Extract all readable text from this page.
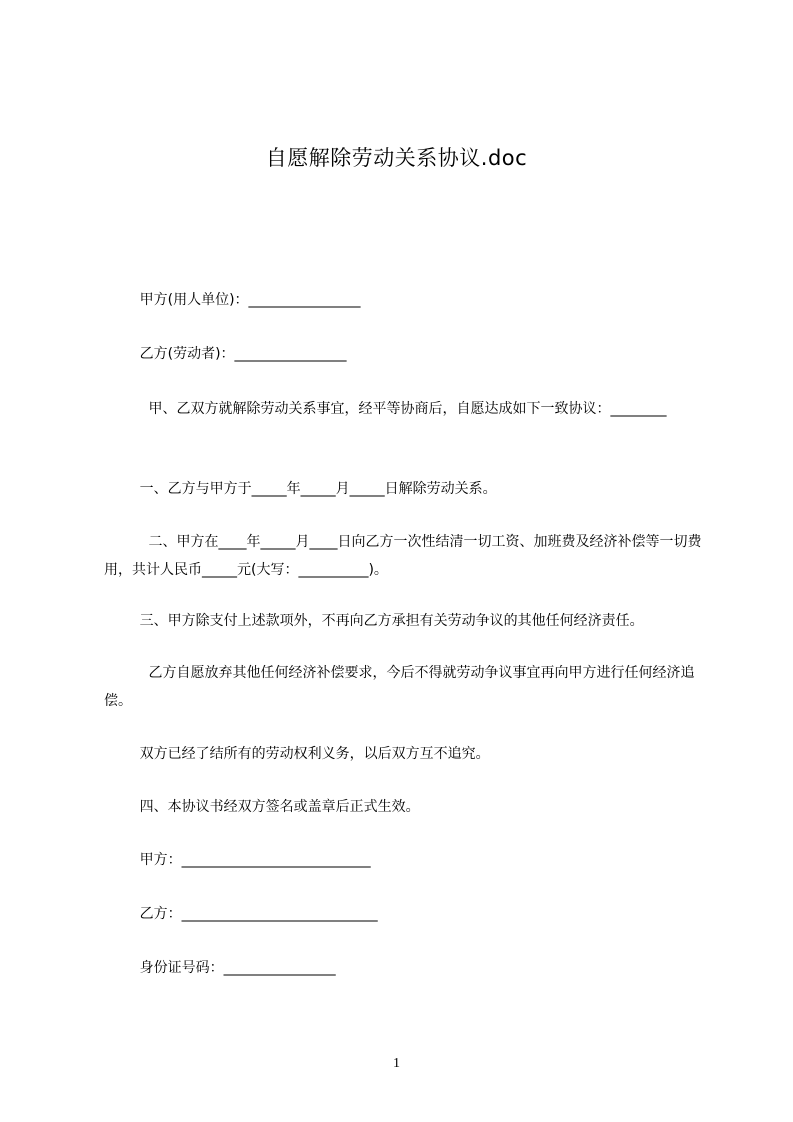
自愿解除劳动关系协议.doc
甲方(用人单位)：________________
乙方(劳动者)：________________
甲、乙双方就解除劳动关系事宜，经平等协商后，自愿达成如下一致协议：________
一、乙方与甲方于_____年_____月_____日解除劳动关系。
二、甲方在____年_____月____日向乙方一次性结清一切工资、加班费及经济补偿等一切费用，共计人民币_____元(大写：__________)。
三、甲方除支付上述款项外，不再向乙方承担有关劳动争议的其他任何经济责任。
乙方自愿放弃其他任何经济补偿要求，今后不得就劳动争议事宜再向甲方进行任何经济追偿。
双方已经了结所有的劳动权利义务，以后双方互不追究。
四、本协议书经双方签名或盖章后正式生效。
甲方：___________________________
乙方：____________________________
身份证号码：________________
1
